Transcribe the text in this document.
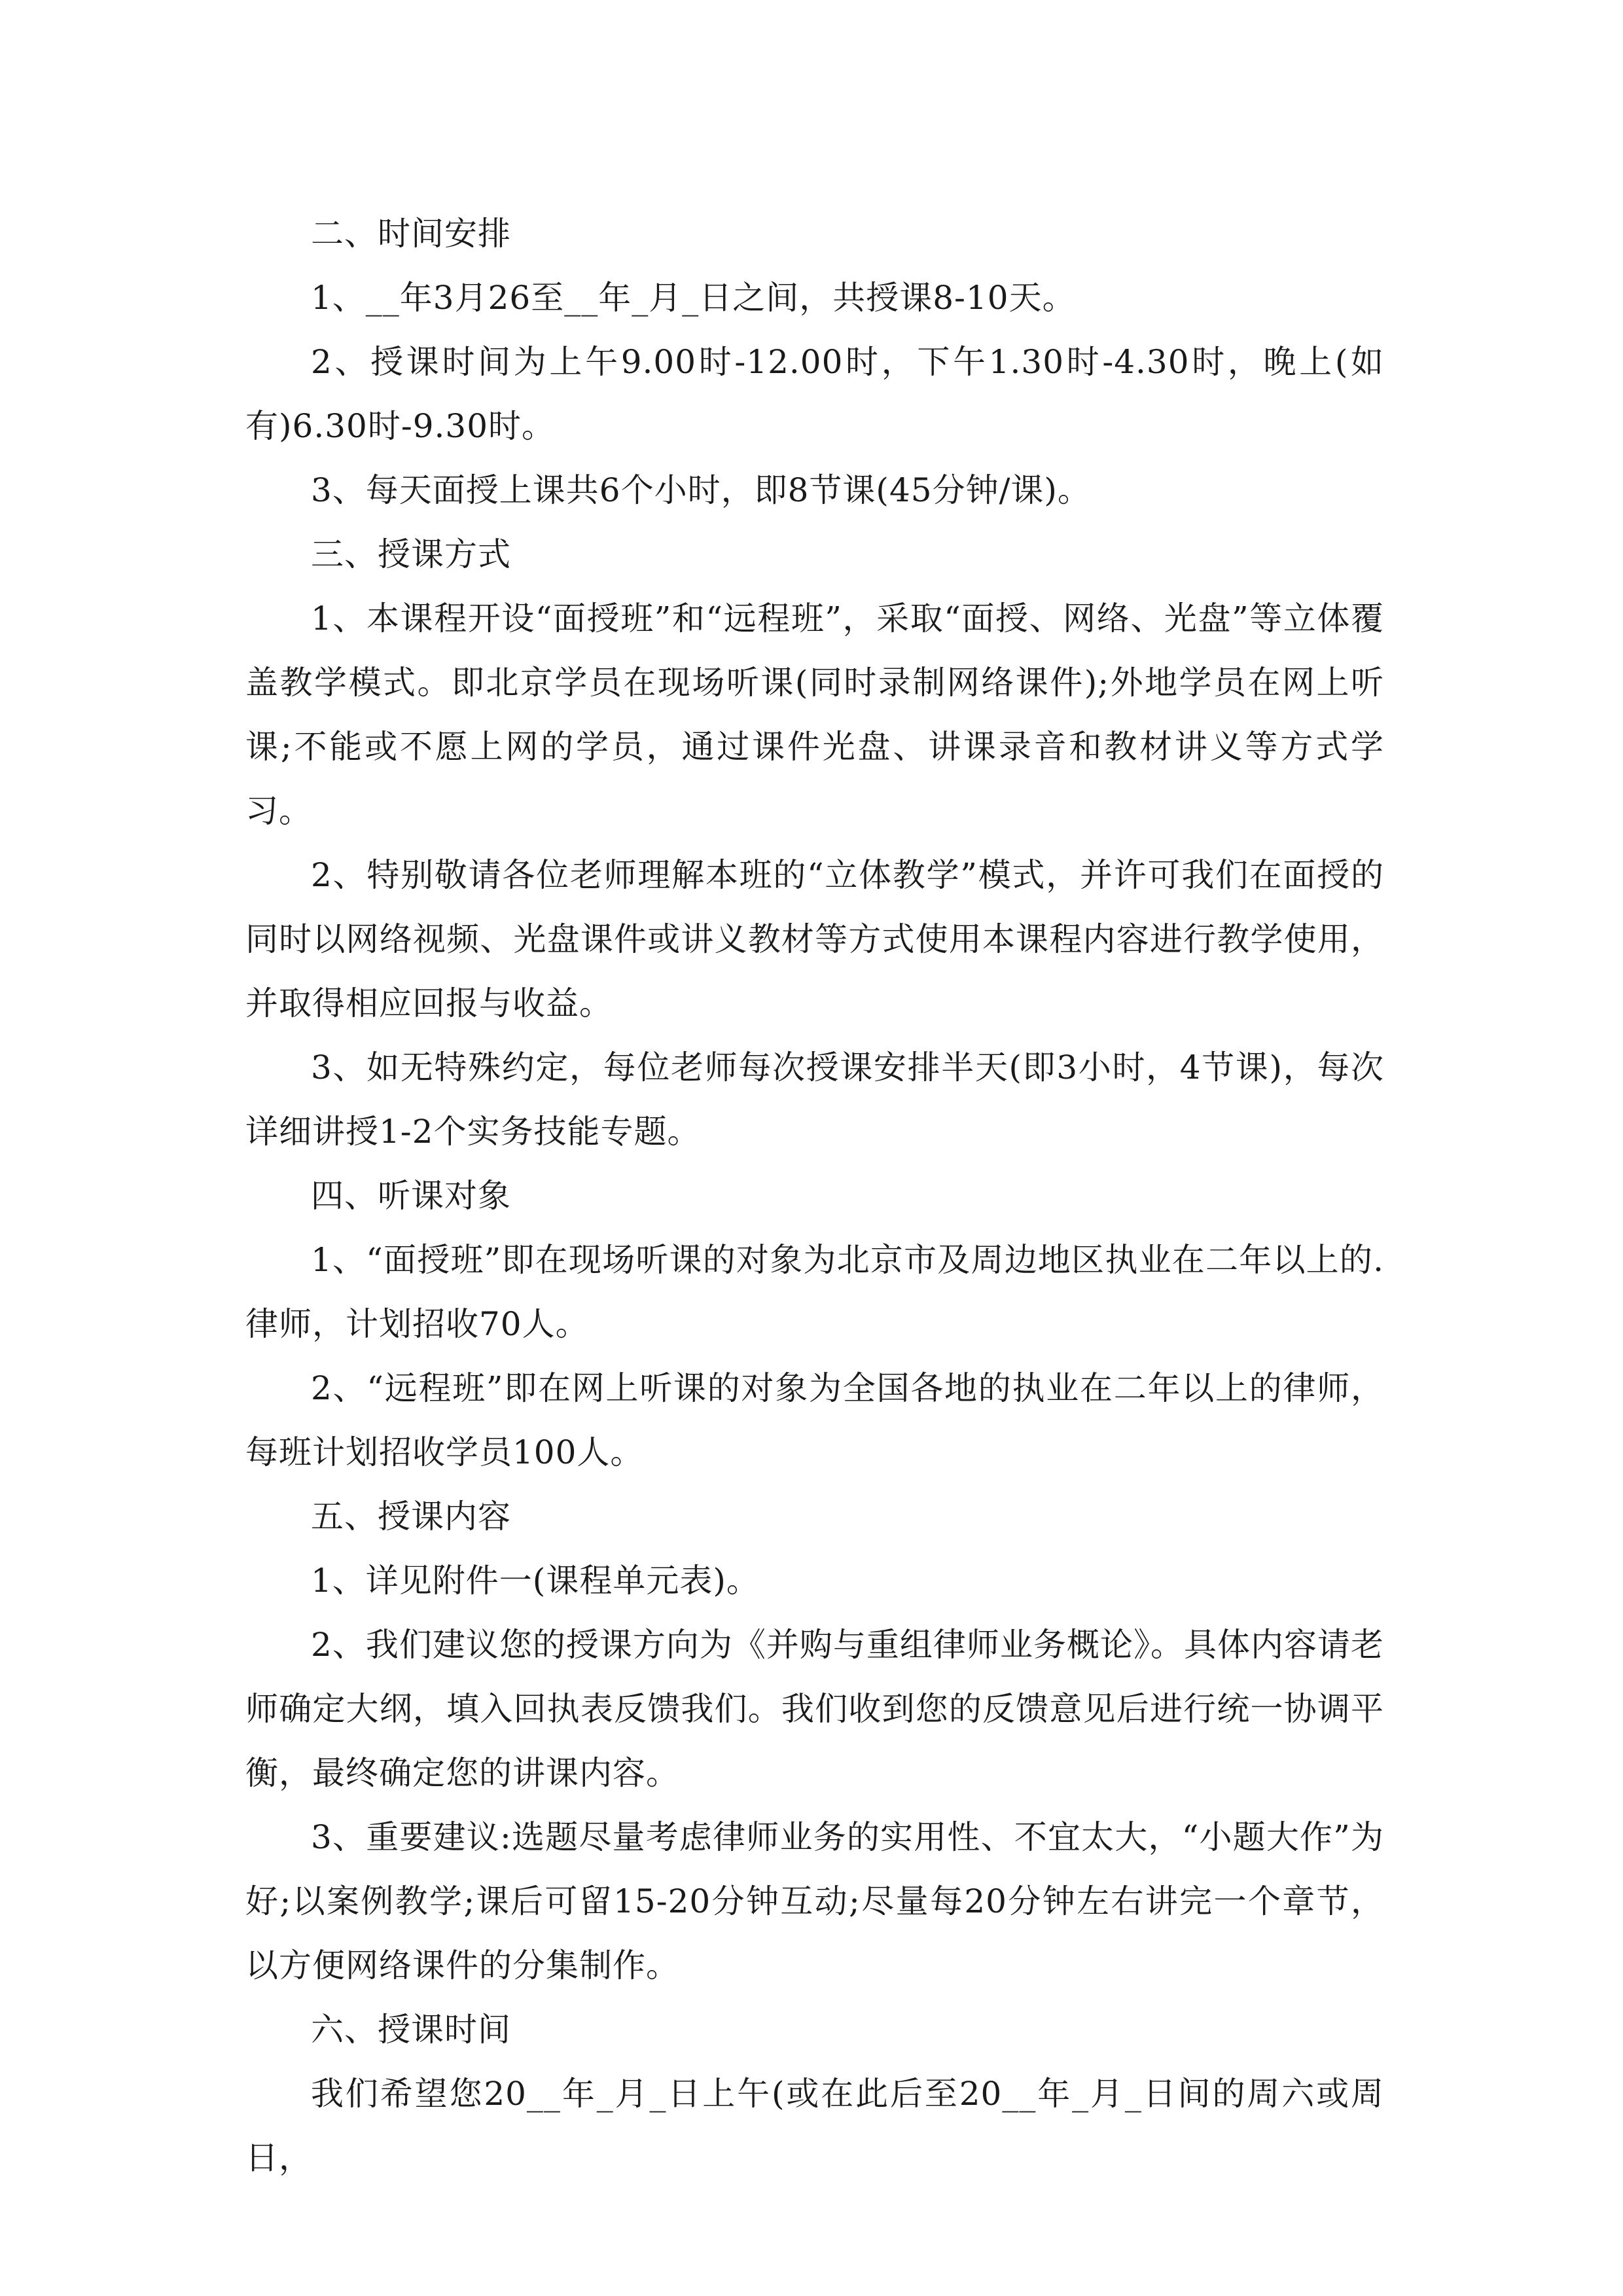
二、时间安排

1、__年3月26至__年_月_日之间，共授课8-10天。

2、授课时间为上午9.00时-12.00时，下午1.30时-4.30时，晚上(如有)6.30时-9.30时。

3、每天面授上课共6个小时，即8节课(45分钟/课)。

三、授课方式

1、本课程开设“面授班”和“远程班”，采取“面授、网络、光盘”等立体覆盖教学模式。即北京学员在现场听课(同时录制网络课件);外地学员在网上听课;不能或不愿上网的学员，通过课件光盘、讲课录音和教材讲义等方式学习。

2、特别敬请各位老师理解本班的“立体教学”模式，并许可我们在面授的同时以网络视频、光盘课件或讲义教材等方式使用本课程内容进行教学使用，并取得相应回报与收益。

3、如无特殊约定，每位老师每次授课安排半天(即3小时，4节课)，每次详细讲授1-2个实务技能专题。

四、听课对象

1、“面授班”即在现场听课的对象为北京市及周边地区执业在二年以上的.律师，计划招收70人。

2、“远程班”即在网上听课的对象为全国各地的执业在二年以上的律师，每班计划招收学员100人。

五、授课内容

1、详见附件一(课程单元表)。

2、我们建议您的授课方向为《并购与重组律师业务概论》。具体内容请老师确定大纲，填入回执表反馈我们。我们收到您的反馈意见后进行统一协调平衡，最终确定您的讲课内容。

3、重要建议:选题尽量考虑律师业务的实用性、不宜太大，“小题大作”为好;以案例教学;课后可留15-20分钟互动;尽量每20分钟左右讲完一个章节，以方便网络课件的分集制作。

六、授课时间

我们希望您20__年_月_日上午(或在此后至20__年_月_日间的周六或周日，
